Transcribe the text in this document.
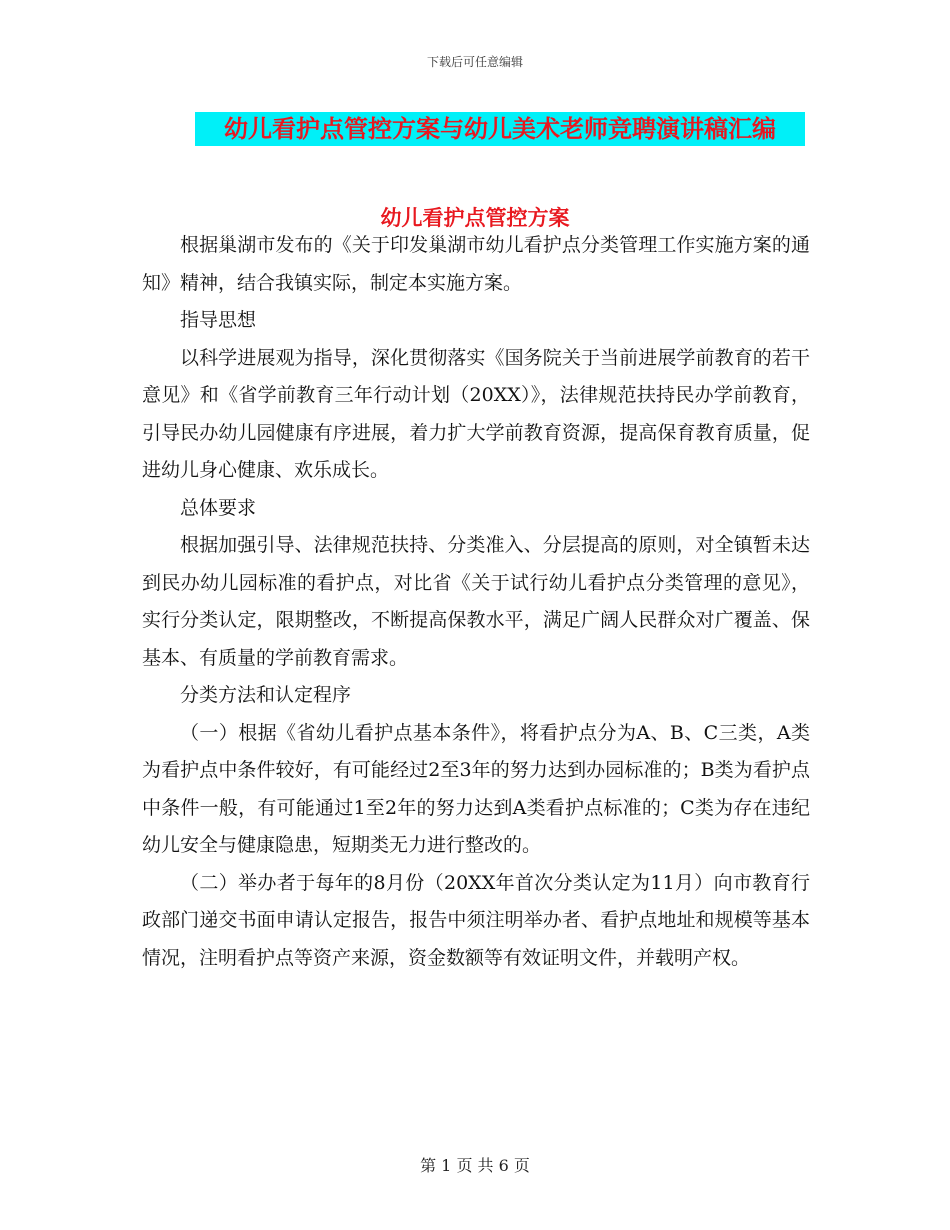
下载后可任意编辑
幼儿看护点管控方案与幼儿美术老师竞聘演讲稿汇编
幼儿看护点管控方案

根据巢湖市发布的《关于印发巢湖市幼儿看护点分类管理工作实施方案的通知》精神，结合我镇实际，制定本实施方案。

指导思想

以科学进展观为指导，深化贯彻落实《国务院关于当前进展学前教育的若干意见》和《省学前教育三年行动计划（20XX）》，法律规范扶持民办学前教育，引导民办幼儿园健康有序进展，着力扩大学前教育资源，提高保育教育质量，促进幼儿身心健康、欢乐成长。

总体要求

根据加强引导、法律规范扶持、分类准入、分层提高的原则，对全镇暂未达到民办幼儿园标准的看护点，对比省《关于试行幼儿看护点分类管理的意见》，实行分类认定，限期整改，不断提高保教水平，满足广阔人民群众对广覆盖、保基本、有质量的学前教育需求。

分类方法和认定程序

（一）根据《省幼儿看护点基本条件》，将看护点分为A、B、C三类，A类为看护点中条件较好，有可能经过2至3年的努力达到办园标准的；B类为看护点中条件一般，有可能通过1至2年的努力达到A类看护点标准的；C类为存在违纪幼儿安全与健康隐患，短期类无力进行整改的。

（二）举办者于每年的8月份（20XX年首次分类认定为11月）向市教育行政部门递交书面申请认定报告，报告中须注明举办者、看护点地址和规模等基本情况，注明看护点等资产来源，资金数额等有效证明文件，并载明产权。

第 1 页 共 6 页
